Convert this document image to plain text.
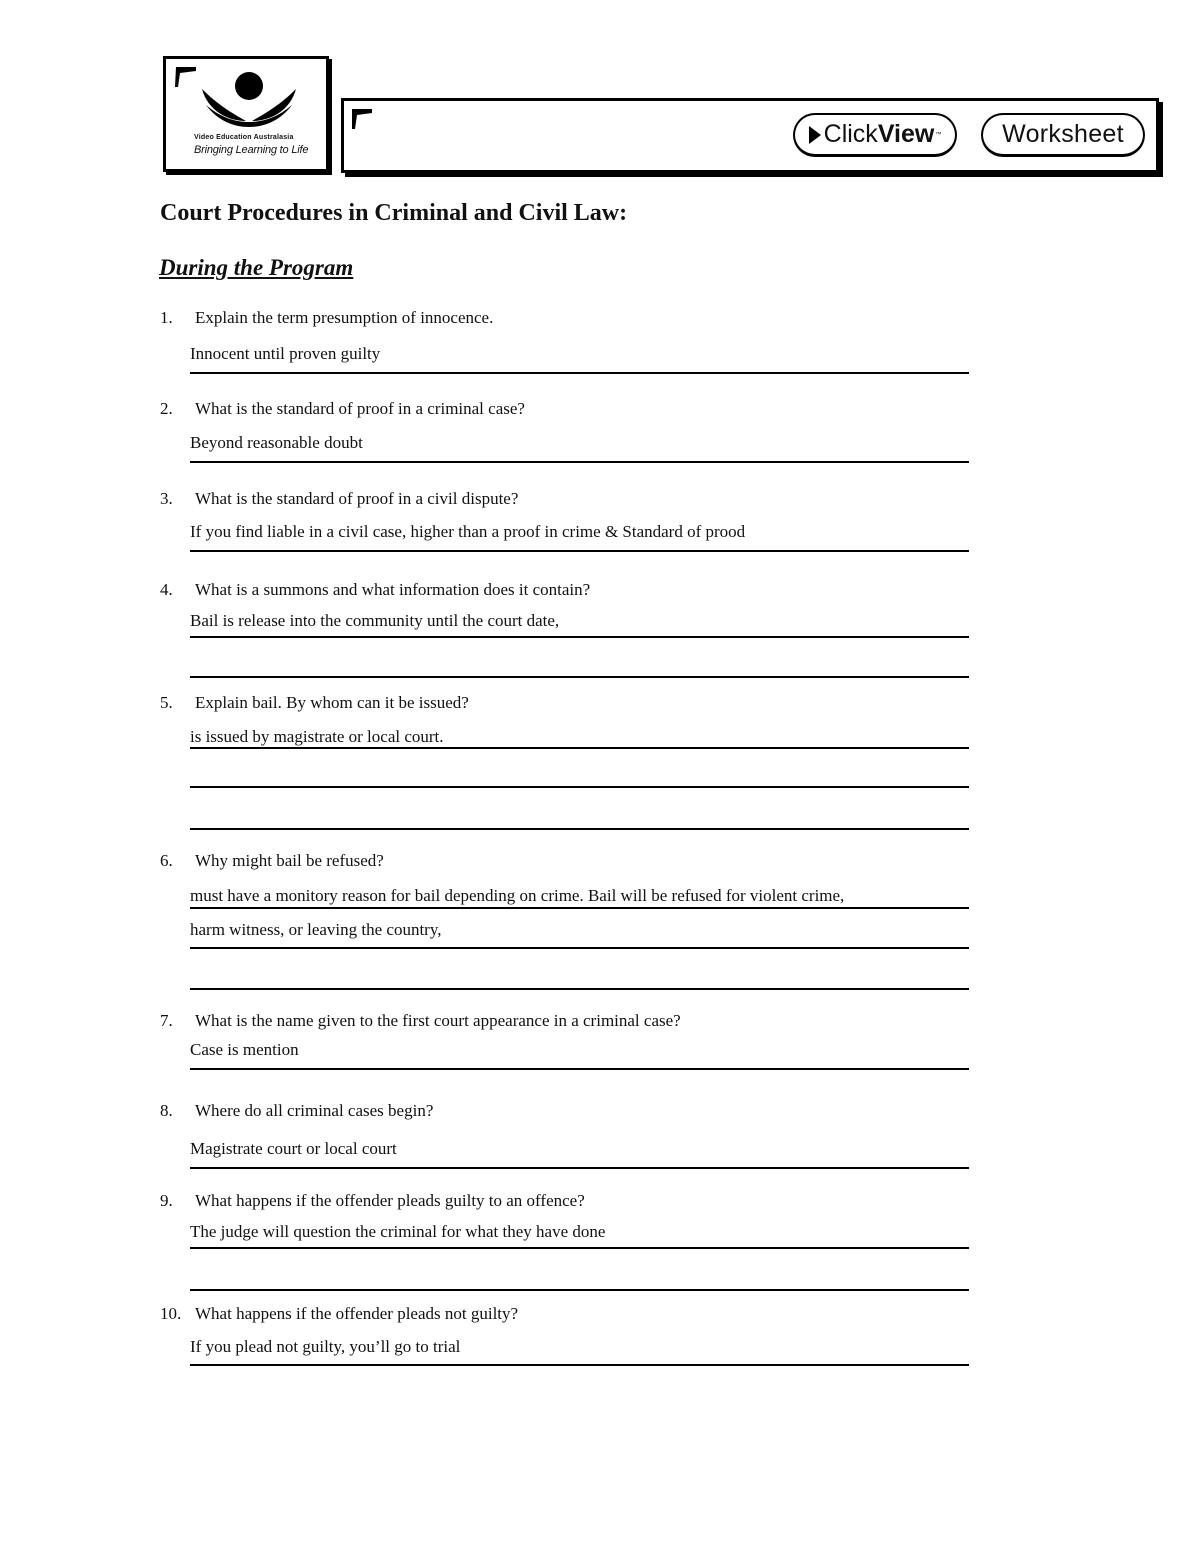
Video Education Australasia
Bringing Learning to Life
Click View ™ Worksheet
Court Procedures in Criminal and Civil Law:
During the Program
1. Explain the term presumption of innocence.
Innocent until proven guilty
2. What is the standard of proof in a criminal case?
Beyond reasonable doubt
3. What is the standard of proof in a civil dispute?
If you find liable in a civil case, higher than a proof in crime & Standard of prood
4. What is a summons and what information does it contain?
Bail is release into the community until the court date,
5. Explain bail. By whom can it be issued?
is issued by magistrate or local court.
6. Why might bail be refused?
must have a monitory reason for bail depending on crime. Bail will be refused for violent crime,
harm witness, or leaving the country,
7. What is the name given to the first court appearance in a criminal case?
Case is mention
8. Where do all criminal cases begin?
Magistrate court or local court
9. What happens if the offender pleads guilty to an offence?
The judge will question the criminal for what they have done
10. What happens if the offender pleads not guilty?
If you plead not guilty, you’ll go to trial
